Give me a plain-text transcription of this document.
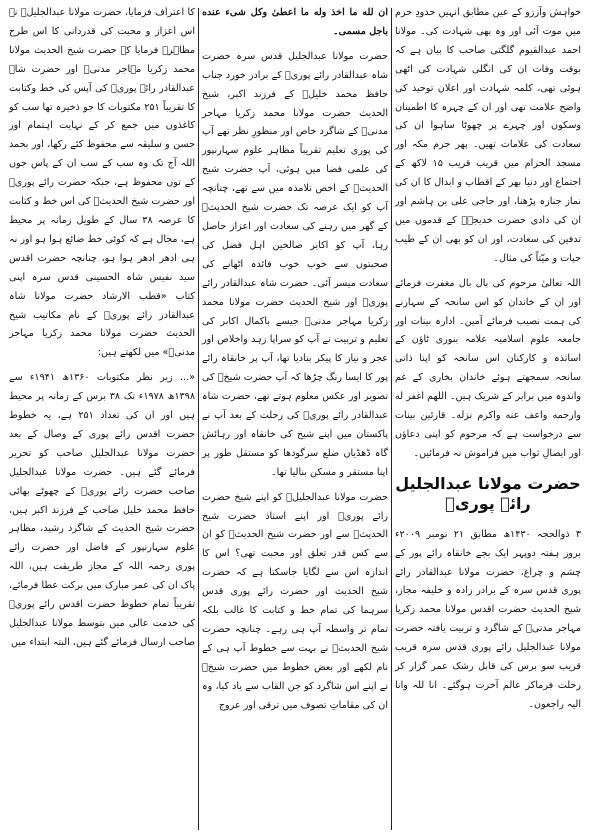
خواہش وآرزو کے عین مطابق انہیں حدودِ حرم میں موت آئی اور وہ بھی شہادت کی۔ مولانا احمد عبدالقیوم گلگتی صاحب کا بیان ہے کہ بوقت وفات ان کی انگلی شہادت کی اٹھی ہوئی تھی، کلمہ شہادت اور اعلان توحید کی واضح علامت تھی اور ان کے چہرہ کا اطمینان وسکون اور چہرے پر چھوٹا ساہوا ان کی سعادت کی علامات تھیں۔ پھر حرم مکہ اور مسجد الحرام میں قریب قریب ۱۵ لاکھ کے اجتماع اور دنیا بھر کے اقطاب و ابدال کا ان کی نماز جنازہ پڑھنا، اور حاجی علی بن ہاشم اور ان کی دادی حضرت خدیجہؓ کے قدموں میں تدفین کی سعادت، اور ان کو بھی ان کے طیب حیات و میّتاً کی مثال۔

اللہ تعالیٰ مرحوم کی بال بال مغفرت فرمائے اور ان کے خاندان کو اس سانحہ کے سہارنے کی ہمت نصیب فرمائے آمین۔ ادارہ بینات اور جامعہ علوم اسلامیہ علامہ بنوری ٹاؤن کے اساتذہ و کارکنان اس سانحہ کو اپنا ذاتی سانحہ سمجھتے ہوئے خاندان بخاری کے غم واندوہ میں برابر کے شریک ہیں۔ اللھم اغفر له وارحمه واعف عنه واکرم نزله۔ قارئین بینات سے درخواست ہے کہ مرحوم کو اپنی دعاؤں اور ایصالِ ثواب میں فراموش نہ فرمائیں۔

حضرت مولانا عبدالجلیل رائے پوریؒ

۳ ذوالحجہ ۱۴۳۰ھ مطابق ۲۱ نومبر ۲۰۰۹ء بروز ہفتہ دوپہر ایک بجے خانقاہ رائے پور کے چشم و چراغ، حضرت مولانا عبدالقادر رائے پوری قدس سرہ کے برادر زادہ و خلیفہ مجاز، شیخ الحدیث حضرت اقدس مولانا محمد زکریا مہاجر مدنیؒ کے شاگرد و تربیت یافتہ حضرت مولانا عبدالجلیل رائے پوری قدس سرہ قریب قریب سو برس کی قابل رشک عمر گزار کر رحلت فرماکر عالم آخرت ہوگئے۔ انا للہ وانا الیہ راجعون۔

ان لله ما اخذ وله ما اعطیٰ وکل شیء عنده باجل مسمی۔

حضرت مولانا عبدالجلیل قدس سرہ حضرت شاہ عبدالقادر رائے پوریؒ کے برادر خورد جناب حافظ محمد خلیلؒ کے فرزند اکبر، شیخ الحدیث حضرت مولانا محمد زکریا مہاجر مدنیؒ کے شاگرد خاص اور منظورِ نظر تھے آپ کی پوری تعلیم تقریباً مظاہر علوم سہارنپور کی علمی فضا میں ہوئی، آپ حضرت شیخ الحدیثؒ کے اخص تلامذہ میں سے تھے، چنانچہ آپ کو ایک عرصہ تک حضرت شیخ الحدیثؒ کے گھر میں رہنے کی سعادت اور اعزاز حاصل رہا، آپ کو اکابر صالحین اہل فضل کی صحبتوں سے خوب خوب فائدہ اٹھانے کی سعادت میسر آئی۔ حضرت شاہ عبدالقادر رائے پوریؒ اور شیخ الحدیث حضرت مولانا محمد زکریا مہاجر مدنیؒ جیسے باکمال اکابر کی تعلیم و تربیت نے آپ کو سراپا زہد واخلاص اور عجز و نیاز کا پیکر بنادیا تھا، آپ پر خانقاہ رائے پور کا ایسا رنگ چڑھا کہ آپ حضرت شیخؒ کی تصویر اور عکس معلوم ہوتے تھے، حضرت شاہ عبدالقادر رائے پوریؒ کی رحلت کے بعد آپ نے پاکستان میں اپنے شیخ کی خانقاہ اور رہائش گاہ ڈھڈیاں ضلع سرگودھا کو مستقل طور پر اپنا مستقر و مسکن بنالیا تھا۔

حضرت مولانا عبدالجلیلؒ کو اپنے شیخ حضرت رائے پوریؒ اور اپنے استاذ حضرت شیخ الحدیثؒ سے اور حضرت شیخ الحدیثؒ کو ان سے کس قدر تعلق اور محبت تھی؟ اس کا اندازہ اس سے لگایا جاسکتا ہے کہ حضرت شیخ الحدیث اور حضرت رائے پوری قدس سرہما کی تمام خط و کتابت کا غالب بلکہ تمام تر واسطہ آپ ہی رہے۔ چنانچہ حضرت شیخ الحدیثؒ نے بہت سے خطوط آپ ہی کے نام لکھے اور بعض خطوط میں حضرت شیخؒ نے اپنے اس شاگرد کو جن القاب سے یاد کیا، وہ ان کی مقاماتِ تصوف میں ترقی اور عروج

کا اعتراف فرمایا، حضرت مولانا عبدالجلیلؒ نے اس اعزاز و محبت کی قدردانی کا اس طرح مظاہرہ فرمایا کہ حضرت شیخ الحدیث مولانا محمد زکریا مہاجر مدنیؒ اور حضرت شاہ عبدالقادر رائے پوریؒ کی آپس کی خط وکتابت کا تقریباً ۲۵۱ مکتوبات کا جو ذخیرہ تھا سب کو کاغذوں میں جمع کر کے نہایت اہتمام اور حسن و سلیقہ سے محفوظ کئے رکھا، اور بحمد اللہ آج تک وہ سب کے سب ان کے پاس جوں کے توں محفوظ ہے، جبکہ حضرت رائے پوریؒ اور حضرت شیخ الحدیثؒ کی اس خط و کتابت کا عرصہ ۳۸ سال کے طویل زمانہ پر محیط ہے، مجال ہے کہ کوئی خط ضائع ہوا ہو اور نہ ہی ادھر ادھر ہوا ہو، چنانچہ حضرت اقدس سید نفیس شاہ الحسینی قدس سرہ اپنی کتاب «قطب الارشاد حضرت مولانا شاہ عبدالقادر رائے پوریؒ کے نام مکاتیب شیخ الحدیث حضرت مولانا محمد زکریا مہاجر مدنیؒ» میں لکھتے ہیں:

«... زیر نظر مکتوبات ۱۳۶۰ھ ۱۹۴۱ء سے ۱۳۹۸ھ ۱۹۷۸ء تک ۳۸ برس کے زمانہ پر محیط ہیں اور ان کی تعداد ۲۵۱ ہے، یہ خطوط حضرت اقدس رائے پوری کے وصال کے بعد حضرت مولانا عبدالجلیل صاحب کو تحریر فرمائے گئے ہیں۔ حضرت مولانا عبدالجلیل صاحب حضرت رائے پوریؒ کے چھوٹے بھائی حافظ محمد خلیل صاحب کے فرزند اکبر ہیں، حضرت شیخ الحدیث کے شاگرد رشید، مظاہر علوم سہارنپور کے فاضل اور حضرت رائے پوری رحمہ اللہ کے مجاز طریقت ہیں، اللہ پاک ان کی عمر مبارک میں برکت عطا فرمائے، تقریباً تمام خطوط حضرت اقدس رائے پوریؒ کی خدمت عالی میں بتوسط مولانا عبدالجلیل صاحب ارسال فرمائے گئے ہیں، البتہ ابتداء میں
